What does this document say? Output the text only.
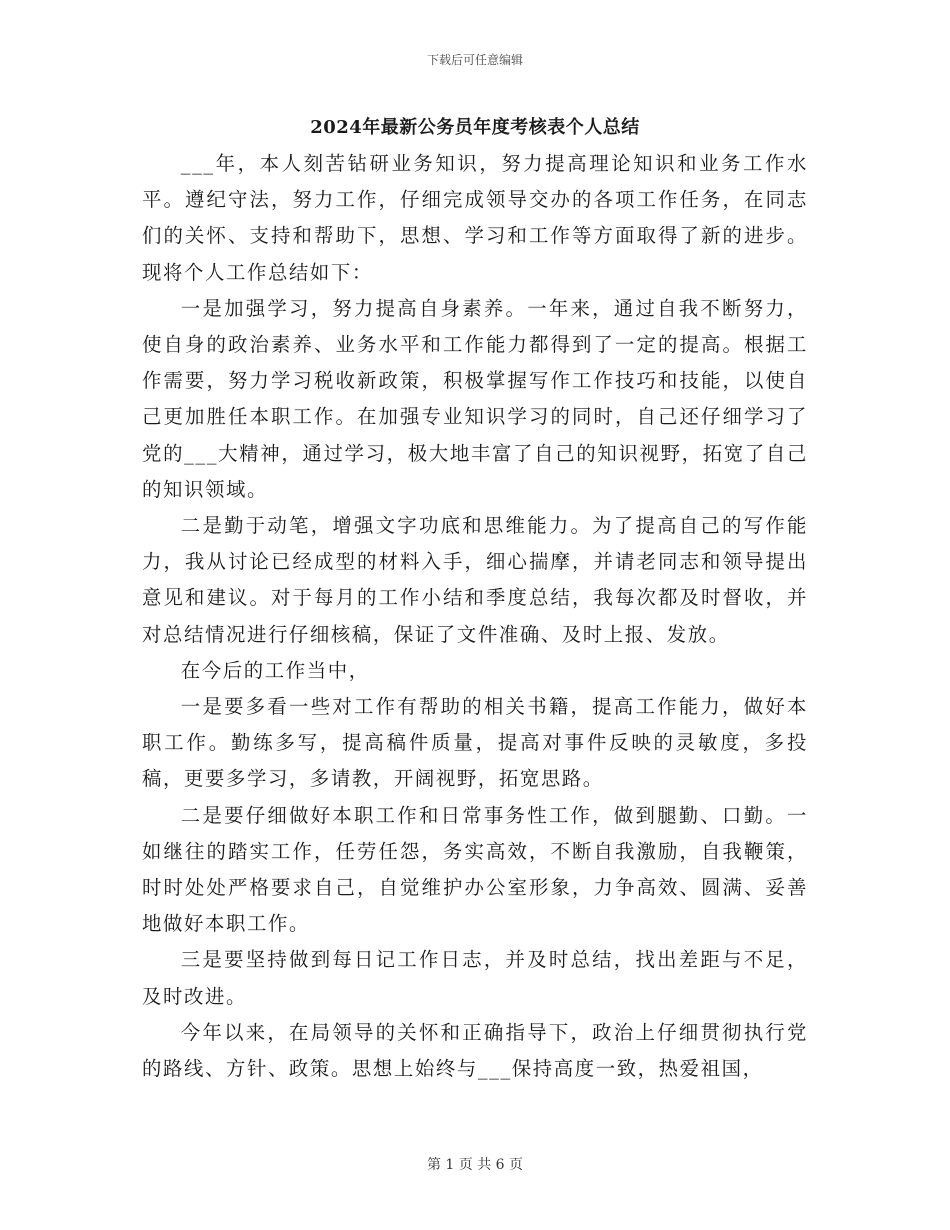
下载后可任意编辑
2024年最新公务员年度考核表个人总结

___年，本人刻苦钻研业务知识，努力提高理论知识和业务工作水平。遵纪守法，努力工作，仔细完成领导交办的各项工作任务，在同志们的关怀、支持和帮助下，思想、学习和工作等方面取得了新的进步。现将个人工作总结如下：

一是加强学习，努力提高自身素养。一年来，通过自我不断努力，使自身的政治素养、业务水平和工作能力都得到了一定的提高。根据工作需要，努力学习税收新政策，积极掌握写作工作技巧和技能，以使自己更加胜任本职工作。在加强专业知识学习的同时，自己还仔细学习了党的___大精神，通过学习，极大地丰富了自己的知识视野，拓宽了自己的知识领域。

二是勤于动笔，增强文字功底和思维能力。为了提高自己的写作能力，我从讨论已经成型的材料入手，细心揣摩，并请老同志和领导提出意见和建议。对于每月的工作小结和季度总结，我每次都及时督收，并对总结情况进行仔细核稿，保证了文件准确、及时上报、发放。

在今后的工作当中，

一是要多看一些对工作有帮助的相关书籍，提高工作能力，做好本职工作。勤练多写，提高稿件质量，提高对事件反映的灵敏度，多投稿，更要多学习，多请教，开阔视野，拓宽思路。

二是要仔细做好本职工作和日常事务性工作，做到腿勤、口勤。一如继往的踏实工作，任劳任怨，务实高效，不断自我激励，自我鞭策，时时处处严格要求自己，自觉维护办公室形象，力争高效、圆满、妥善地做好本职工作。

三是要坚持做到每日记工作日志，并及时总结，找出差距与不足，及时改进。

今年以来，在局领导的关怀和正确指导下，政治上仔细贯彻执行党的路线、方针、政策。思想上始终与___保持高度一致，热爱祖国，

第 1 页 共 6 页
